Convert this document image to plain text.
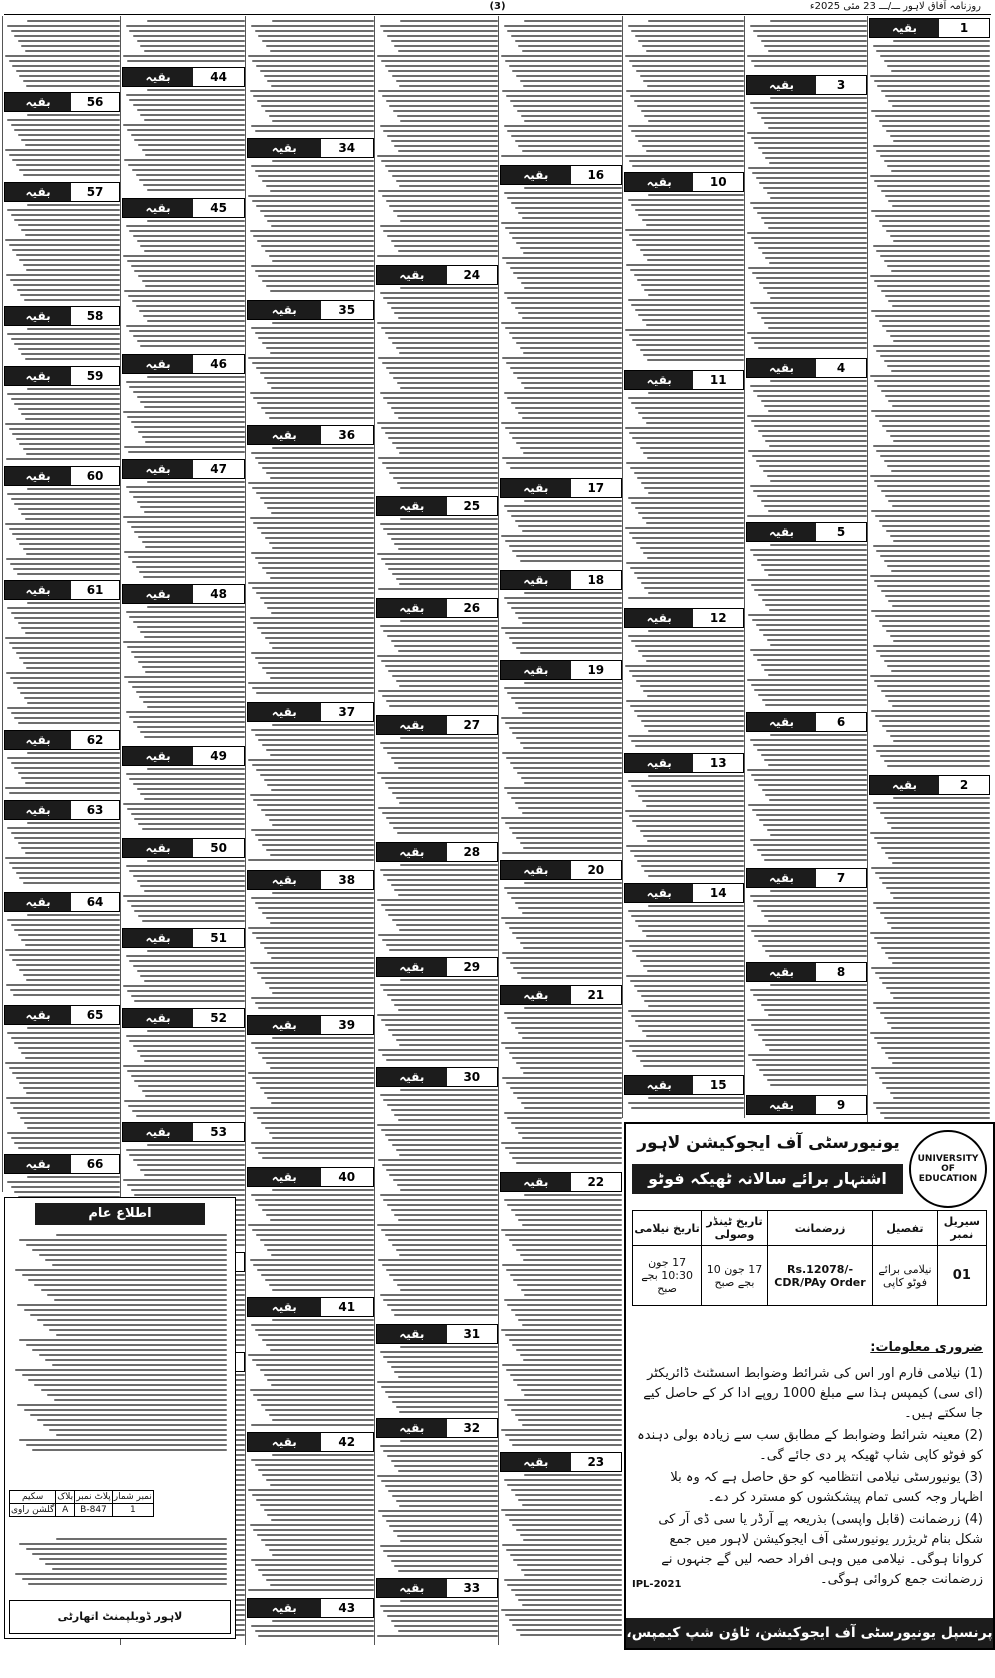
(3)	روزنامہ آفاق لاہور ـــ/ـــ 23 مئی 2025ء
بقیہ	1
بقیہ	2
بقیہ	3
بقیہ	4
بقیہ	5
بقیہ	6
بقیہ	7
بقیہ	8
بقیہ	9
بقیہ	10
بقیہ	11
بقیہ	12
بقیہ	13
بقیہ	14
بقیہ	15
بقیہ	16
بقیہ	17
بقیہ	18
بقیہ	19
بقیہ	20
بقیہ	21
بقیہ	22
بقیہ	23
بقیہ	24
بقیہ	25
بقیہ	26
بقیہ	27
بقیہ	28
بقیہ	29
بقیہ	30
بقیہ	31
بقیہ	32
بقیہ	33
بقیہ	34
بقیہ	35
بقیہ	36
بقیہ	37
بقیہ	38
بقیہ	39
بقیہ	40
بقیہ	41
بقیہ	42
بقیہ	43
بقیہ	44
بقیہ	45
بقیہ	46
بقیہ	47
بقیہ	48
بقیہ	49
بقیہ	50
بقیہ	51
بقیہ	52
بقیہ	53
بقیہ	56
بقیہ	57
بقیہ	58
بقیہ	59
بقیہ	60
بقیہ	61
بقیہ	62
بقیہ	63
بقیہ	64
بقیہ	65
بقیہ	66
اطلاع عام
نمبر شمار	پلاٹ نمبر	بلاک	سکیم
1	847-B	A	گلشن راوی
لاہور ڈویلپمنٹ اتھارٹی
UNIVERSITY OF EDUCATION
یونیورسٹی آف ایجوکیشن لاہور
اشتہار برائے سالانہ ٹھیکہ فوٹو کاپی شاپ 2025-26
سیریل نمبر	تفصیل	زرضمانت	تاریخ ٹینڈر وصولی	تاریخ نیلامی
01	نیلامی برائے فوٹو کاپی	Rs.12078/- CDR/PAy Order	17 جون 10 بجے صبح	17 جون 10:30 بجے صبح
ضروری معلومات:
(1) نیلامی فارم اور اس کی شرائط وضوابط اسسٹنٹ ڈائریکٹر (ای سی) کیمپس ہذا سے مبلغ 1000 روپے ادا کر کے حاصل کیے جا سکتے ہیں۔
(2) معینہ شرائط وضوابط کے مطابق سب سے زیادہ بولی دہندہ کو فوٹو کاپی شاپ ٹھیکہ پر دی جائے گی۔
(3) یونیورسٹی نیلامی انتظامیہ کو حق حاصل ہے کہ وہ بلا اظہار وجہ کسی تمام پیشکشوں کو مسترد کر دے۔
(4) زرضمانت (قابل واپسی) بذریعہ پے آرڈر یا سی ڈی آر کی شکل بنام ٹریژرر یونیورسٹی آف ایجوکیشن لاہور میں جمع کروانا ہوگی۔ نیلامی میں وہی افراد حصہ لیں گے جنہوں نے زرضمانت جمع کروائی ہوگی۔
IPL-2021
پرنسپل یونیورسٹی آف ایجوکیشن، ٹاؤن شپ کیمپس، لاہور
